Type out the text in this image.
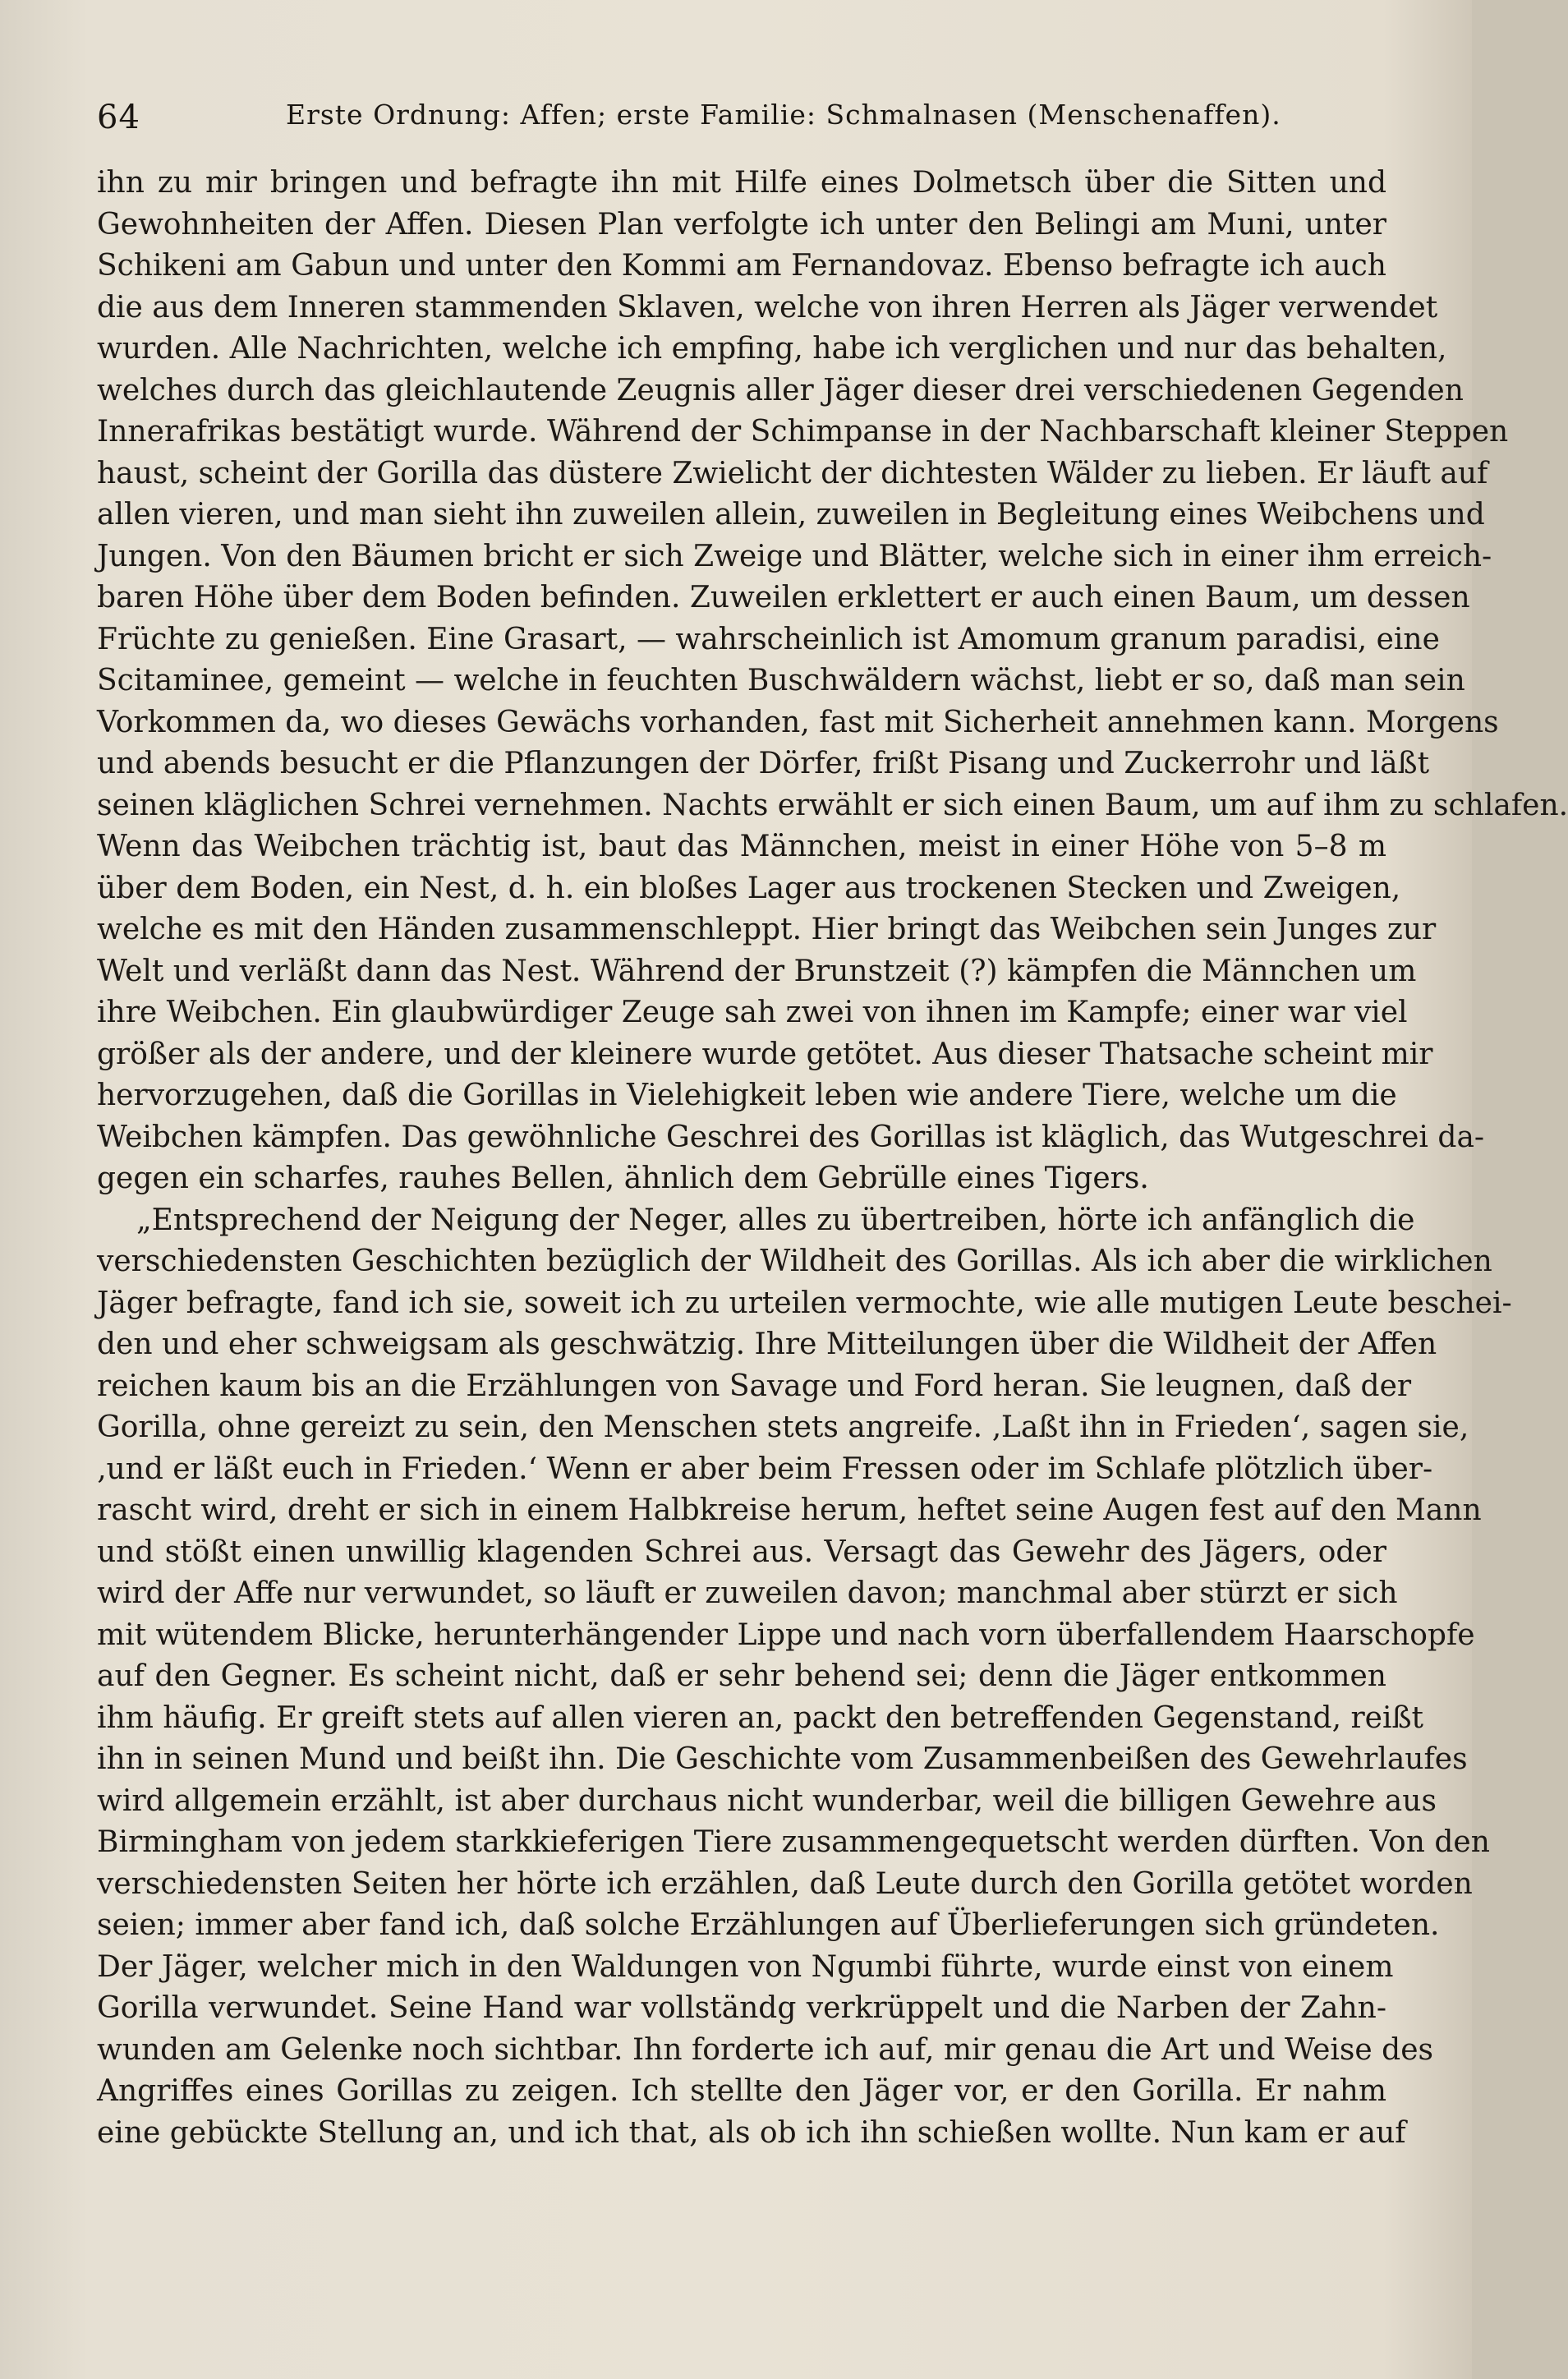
64	Erste Ordnung: Affen; erste Familie: Schmalnasen (Menschenaffen).
ihn zu mir bringen und befragte ihn mit Hilfe eines Dolmetsch über die Sitten und
Gewohnheiten der Affen. Diesen Plan verfolgte ich unter den Belingi am Muni, unter
Schikeni am Gabun und unter den Kommi am Fernandovaz. Ebenso befragte ich auch
die aus dem Inneren stammenden Sklaven, welche von ihren Herren als Jäger verwendet
wurden. Alle Nachrichten, welche ich empfing, habe ich verglichen und nur das behalten,
welches durch das gleichlautende Zeugnis aller Jäger dieser drei verschiedenen Gegenden
Innerafrikas bestätigt wurde. Während der Schimpanse in der Nachbarschaft kleiner Steppen
haust, scheint der Gorilla das düstere Zwielicht der dichtesten Wälder zu lieben. Er läuft auf
allen vieren, und man sieht ihn zuweilen allein, zuweilen in Begleitung eines Weibchens und
Jungen. Von den Bäumen bricht er sich Zweige und Blätter, welche sich in einer ihm erreich-
baren Höhe über dem Boden befinden. Zuweilen erklettert er auch einen Baum, um dessen
Früchte zu genießen. Eine Grasart, — wahrscheinlich ist Amomum granum paradisi, eine
Scitaminee, gemeint — welche in feuchten Buschwäldern wächst, liebt er so, daß man sein
Vorkommen da, wo dieses Gewächs vorhanden, fast mit Sicherheit annehmen kann. Morgens
und abends besucht er die Pflanzungen der Dörfer, frißt Pisang und Zuckerrohr und läßt
seinen kläglichen Schrei vernehmen. Nachts erwählt er sich einen Baum, um auf ihm zu schlafen.
Wenn das Weibchen trächtig ist, baut das Männchen, meist in einer Höhe von 5–8 m
über dem Boden, ein Nest, d. h. ein bloßes Lager aus trockenen Stecken und Zweigen,
welche es mit den Händen zusammenschleppt. Hier bringt das Weibchen sein Junges zur
Welt und verläßt dann das Nest. Während der Brunstzeit (?) kämpfen die Männchen um
ihre Weibchen. Ein glaubwürdiger Zeuge sah zwei von ihnen im Kampfe; einer war viel
größer als der andere, und der kleinere wurde getötet. Aus dieser Thatsache scheint mir
hervorzugehen, daß die Gorillas in Vielehigkeit leben wie andere Tiere, welche um die
Weibchen kämpfen. Das gewöhnliche Geschrei des Gorillas ist kläglich, das Wutgeschrei da-
gegen ein scharfes, rauhes Bellen, ähnlich dem Gebrülle eines Tigers.
„Entsprechend der Neigung der Neger, alles zu übertreiben, hörte ich anfänglich die
verschiedensten Geschichten bezüglich der Wildheit des Gorillas. Als ich aber die wirklichen
Jäger befragte, fand ich sie, soweit ich zu urteilen vermochte, wie alle mutigen Leute beschei-
den und eher schweigsam als geschwätzig. Ihre Mitteilungen über die Wildheit der Affen
reichen kaum bis an die Erzählungen von Savage und Ford heran. Sie leugnen, daß der
Gorilla, ohne gereizt zu sein, den Menschen stets angreife. ‚Laßt ihn in Frieden‘, sagen sie,
‚und er läßt euch in Frieden.‘ Wenn er aber beim Fressen oder im Schlafe plötzlich über-
rascht wird, dreht er sich in einem Halbkreise herum, heftet seine Augen fest auf den Mann
und stößt einen unwillig klagenden Schrei aus. Versagt das Gewehr des Jägers, oder
wird der Affe nur verwundet, so läuft er zuweilen davon; manchmal aber stürzt er sich
mit wütendem Blicke, herunterhängender Lippe und nach vorn überfallendem Haarschopfe
auf den Gegner. Es scheint nicht, daß er sehr behend sei; denn die Jäger entkommen
ihm häufig. Er greift stets auf allen vieren an, packt den betreffenden Gegenstand, reißt
ihn in seinen Mund und beißt ihn. Die Geschichte vom Zusammenbeißen des Gewehrlaufes
wird allgemein erzählt, ist aber durchaus nicht wunderbar, weil die billigen Gewehre aus
Birmingham von jedem starkkieferigen Tiere zusammengequetscht werden dürften. Von den
verschiedensten Seiten her hörte ich erzählen, daß Leute durch den Gorilla getötet worden
seien; immer aber fand ich, daß solche Erzählungen auf Überlieferungen sich gründeten.
Der Jäger, welcher mich in den Waldungen von Ngumbi führte, wurde einst von einem
Gorilla verwundet. Seine Hand war vollständg verkrüppelt und die Narben der Zahn-
wunden am Gelenke noch sichtbar. Ihn forderte ich auf, mir genau die Art und Weise des
Angriffes eines Gorillas zu zeigen. Ich stellte den Jäger vor, er den Gorilla. Er nahm
eine gebückte Stellung an, und ich that, als ob ich ihn schießen wollte. Nun kam er auf
